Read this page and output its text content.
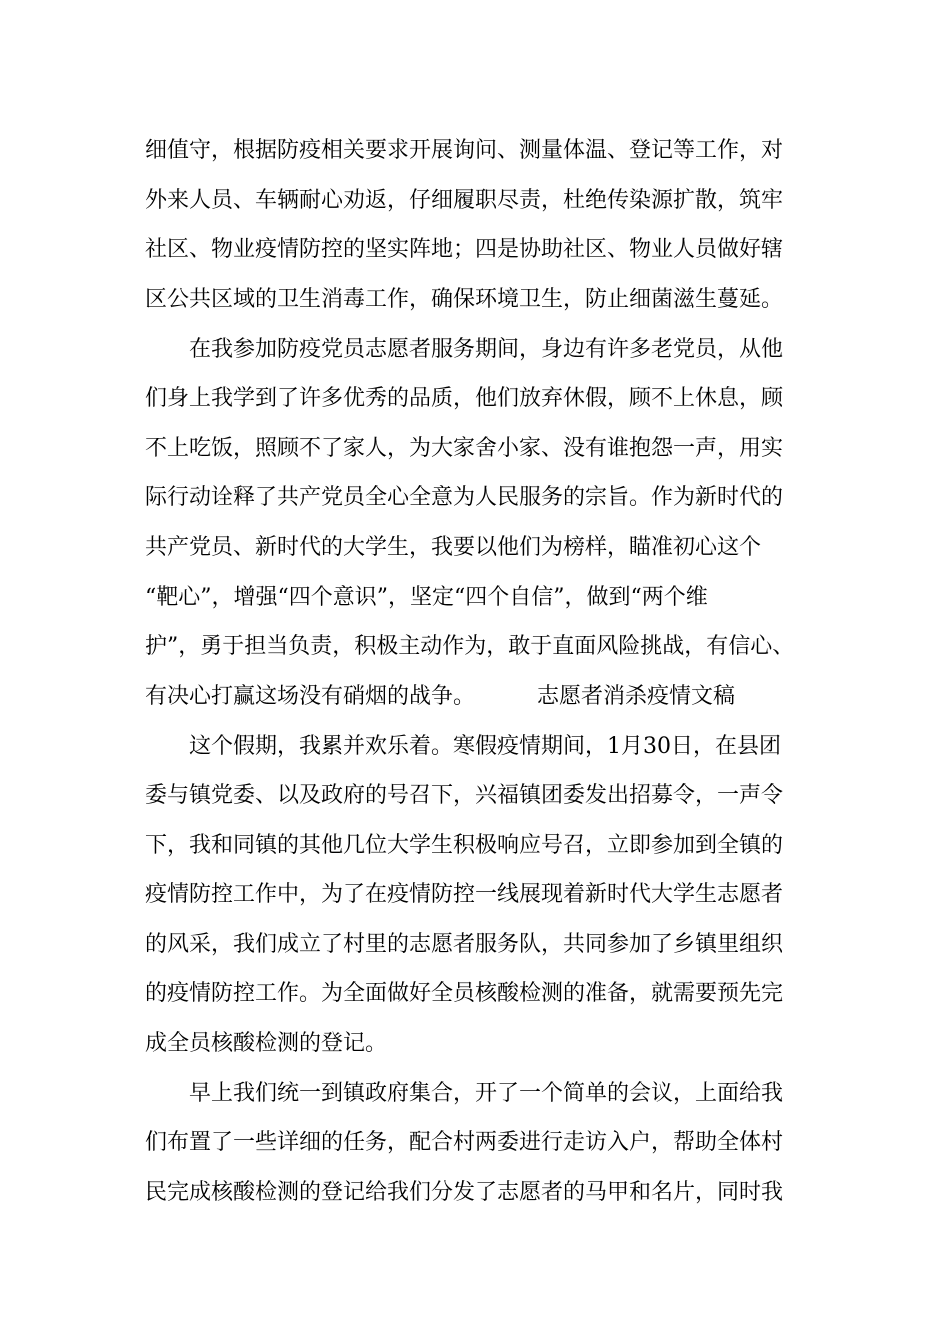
细值守，根据防疫相关要求开展询问、测量体温、登记等工作，对
外来人员、车辆耐心劝返，仔细履职尽责，杜绝传染源扩散，筑牢
社区、物业疫情防控的坚实阵地；四是协助社区、物业人员做好辖
区公共区域的卫生消毒工作，确保环境卫生，防止细菌滋生蔓延。
在我参加防疫党员志愿者服务期间，身边有许多老党员，从他
们身上我学到了许多优秀的品质，他们放弃休假，顾不上休息，顾
不上吃饭，照顾不了家人，为大家舍小家、没有谁抱怨一声，用实
际行动诠释了共产党员全心全意为人民服务的宗旨。作为新时代的
共产党员、新时代的大学生，我要以他们为榜样，瞄准初心这个
“靶心”，增强“四个意识”，坚定“四个自信”，做到“两个维
护”，勇于担当负责，积极主动作为，敢于直面风险挑战，有信心、
有决心打赢这场没有硝烟的战争。	志愿者消杀疫情文稿
这个假期，我累并欢乐着。寒假疫情期间，1月30日，在县团
委与镇党委、以及政府的号召下，兴福镇团委发出招募令，一声令
下，我和同镇的其他几位大学生积极响应号召，立即参加到全镇的
疫情防控工作中，为了在疫情防控一线展现着新时代大学生志愿者
的风采，我们成立了村里的志愿者服务队，共同参加了乡镇里组织
的疫情防控工作。为全面做好全员核酸检测的准备，就需要预先完
成全员核酸检测的登记。
早上我们统一到镇政府集合，开了一个简单的会议，上面给我
们布置了一些详细的任务，配合村两委进行走访入户，帮助全体村
民完成核酸检测的登记给我们分发了志愿者的马甲和名片，同时我
